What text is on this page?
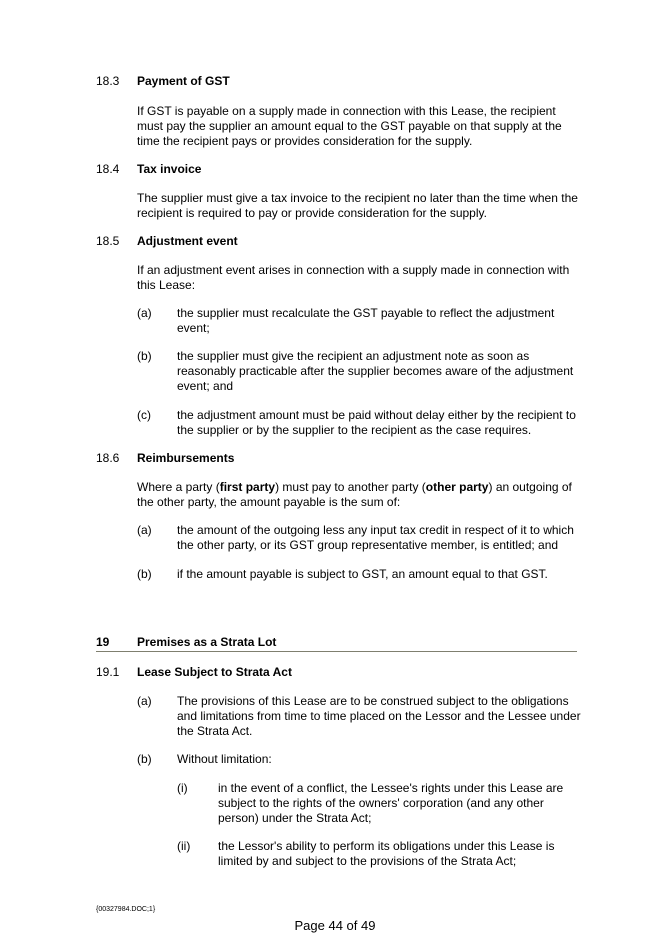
18.3 Payment of GST
If GST is payable on a supply made in connection with this Lease, the recipient must pay the supplier an amount equal to the GST payable on that supply at the time the recipient pays or provides consideration for the supply.
18.4 Tax invoice
The supplier must give a tax invoice to the recipient no later than the time when the recipient is required to pay or provide consideration for the supply.
18.5 Adjustment event
If an adjustment event arises in connection with a supply made in connection with this Lease:
(a) the supplier must recalculate the GST payable to reflect the adjustment event;
(b) the supplier must give the recipient an adjustment note as soon as reasonably practicable after the supplier becomes aware of the adjustment event; and
(c) the adjustment amount must be paid without delay either by the recipient to the supplier or by the supplier to the recipient as the case requires.
18.6 Reimbursements
Where a party (first party) must pay to another party (other party) an outgoing of the other party, the amount payable is the sum of:
(a) the amount of the outgoing less any input tax credit in respect of it to which the other party, or its GST group representative member, is entitled; and
(b) if the amount payable is subject to GST, an amount equal to that GST.
19 Premises as a Strata Lot
19.1 Lease Subject to Strata Act
(a) The provisions of this Lease are to be construed subject to the obligations and limitations from time to time placed on the Lessor and the Lessee under the Strata Act.
(b) Without limitation:
(i)	in the event of a conflict, the Lessee's rights under this Lease are subject to the rights of the owners' corporation (and any other person) under the Strata Act;
(ii) the Lessor's ability to perform its obligations under this Lease is limited by and subject to the provisions of the Strata Act;
{00327984.DOC;1}
Page 44 of 49
